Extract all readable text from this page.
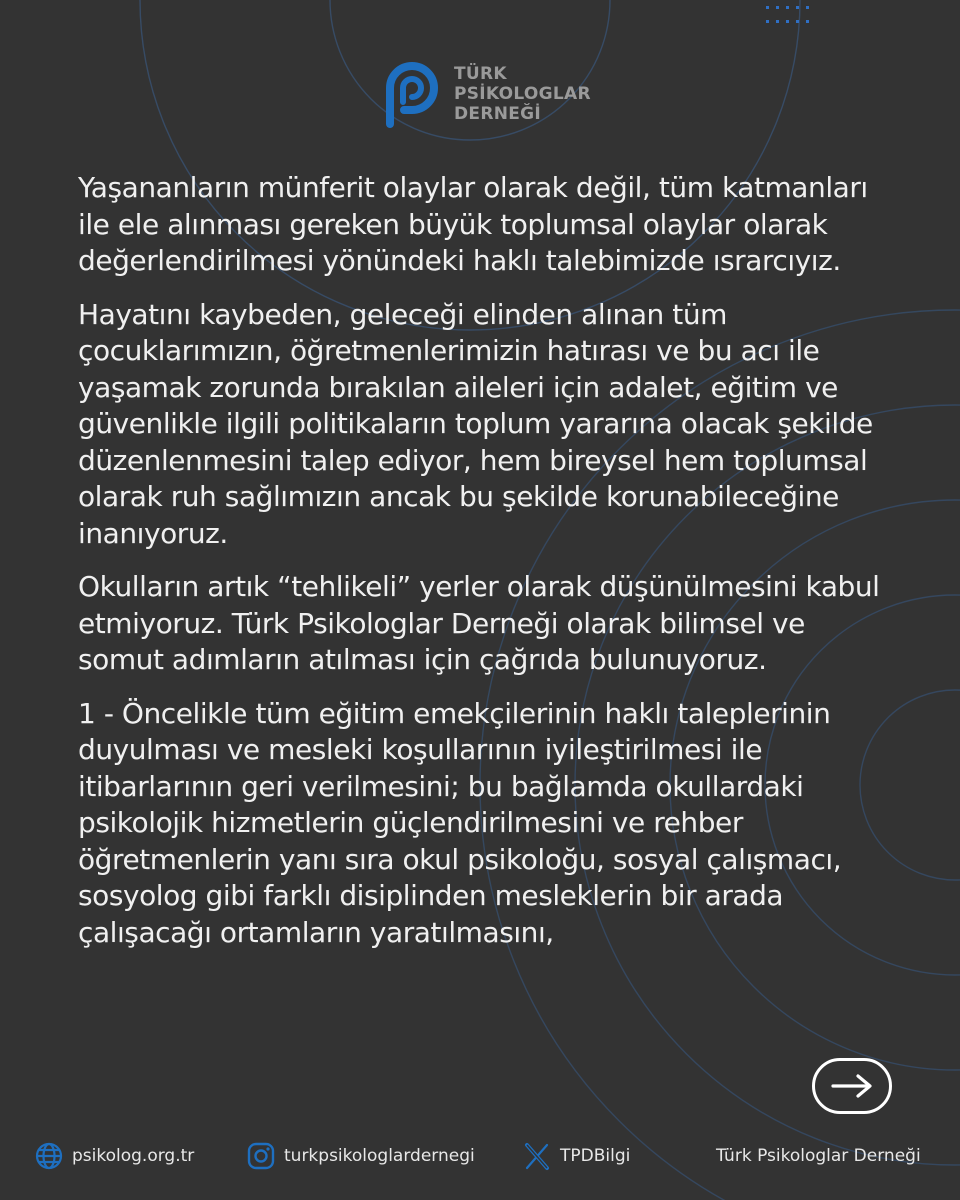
TÜRK
PSİKOLOGLAR
DERNEĞİ

Yaşananların münferit olaylar olarak değil, tüm katmanları ile ele alınması gereken büyük toplumsal olaylar olarak değerlendirilmesi yönündeki haklı talebimizde ısrarcıyız.

Hayatını kaybeden, geleceği elinden alınan tüm çocuklarımızın, öğretmenlerimizin hatırası ve bu acı ile yaşamak zorunda bırakılan aileleri için adalet, eğitim ve güvenlikle ilgili politikaların toplum yararına olacak şekilde düzenlenmesini talep ediyor, hem bireysel hem toplumsal olarak ruh sağlımızın ancak bu şekilde korunabileceğine inanıyoruz.

Okulların artık “tehlikeli” yerler olarak düşünülmesini kabul etmiyoruz. Türk Psikologlar Derneği olarak bilimsel ve somut adımların atılması için çağrıda bulunuyoruz.

1 - Öncelikle tüm eğitim emekçilerinin haklı taleplerinin duyulması ve mesleki koşullarının iyileştirilmesi ile itibarlarının geri verilmesini; bu bağlamda okullardaki psikolojik hizmetlerin güçlendirilmesini ve rehber öğretmenlerin yanı sıra okul psikoloğu, sosyal çalışmacı, sosyolog gibi farklı disiplinden mesleklerin bir arada çalışacağı ortamların yaratılmasını,

psikolog.org.tr	turkpsikologlardernegi	TPDBilgi	Türk Psikologlar Derneği
